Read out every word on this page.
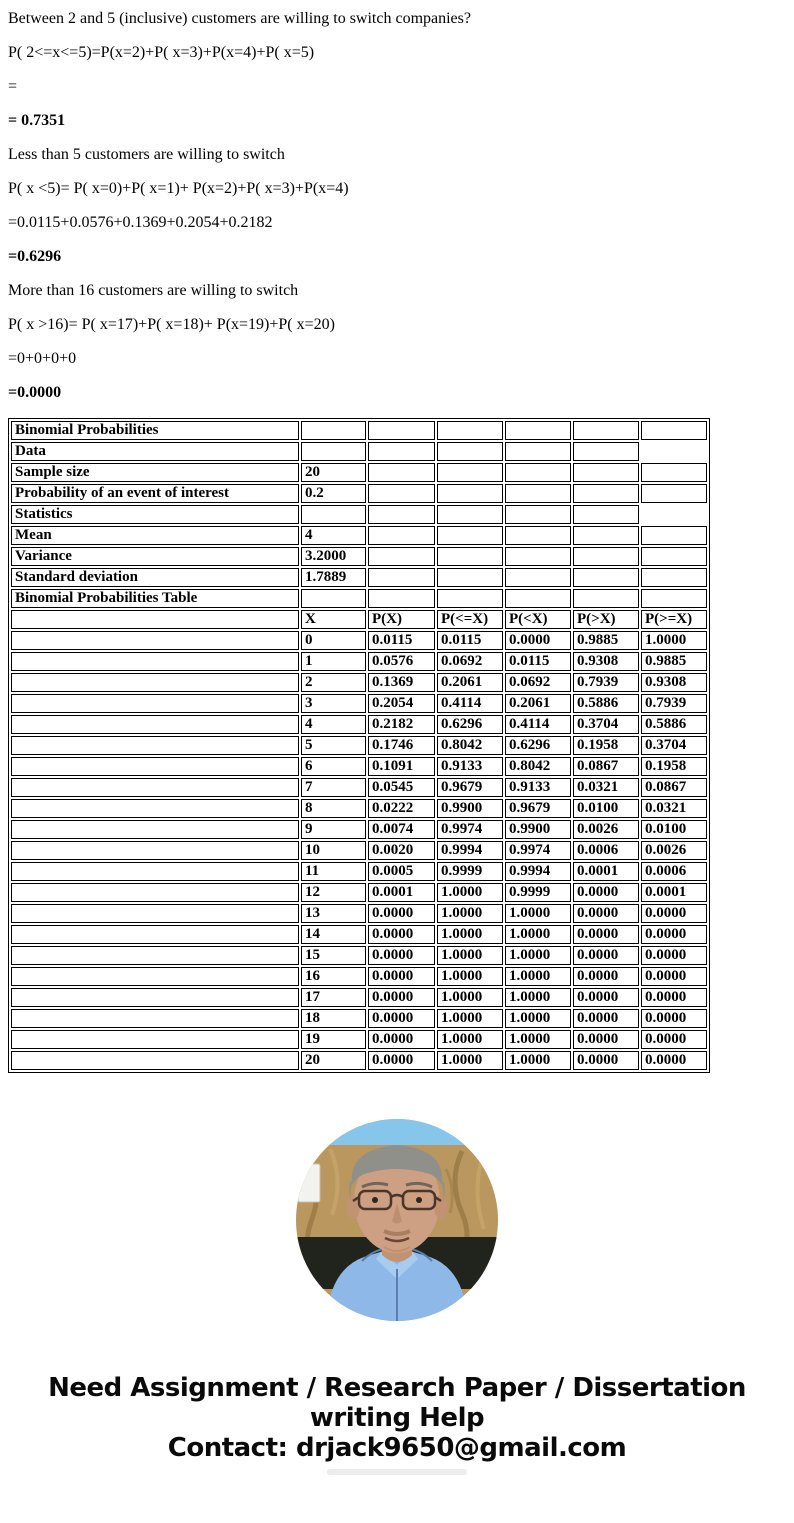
Between 2 and 5 (inclusive) customers are willing to switch companies?

P( 2<=x<=5)=P(x=2)+P( x=3)+P(x=4)+P( x=5)

=

= 0.7351

Less than 5 customers are willing to switch

P( x <5)= P( x=0)+P( x=1)+ P(x=2)+P( x=3)+P(x=4)

=0.0115+0.0576+0.1369+0.2054+0.2182

=0.6296

More than 16 customers are willing to switch

P( x >16)= P( x=17)+P( x=18)+ P(x=19)+P( x=20)

=0+0+0+0

=0.0000

Binomial Probabilities						
Data						
Sample size	20					
Probability of an event of interest	0.2					
Statistics						
Mean	4					
Variance	3.2000					
Standard deviation	1.7889					
Binomial Probabilities Table						
	X	P(X)	P(<=X)	P(<X)	P(>X)	P(>=X)
	0	0.0115	0.0115	0.0000	0.9885	1.0000
	1	0.0576	0.0692	0.0115	0.9308	0.9885
	2	0.1369	0.2061	0.0692	0.7939	0.9308
	3	0.2054	0.4114	0.2061	0.5886	0.7939
	4	0.2182	0.6296	0.4114	0.3704	0.5886
	5	0.1746	0.8042	0.6296	0.1958	0.3704
	6	0.1091	0.9133	0.8042	0.0867	0.1958
	7	0.0545	0.9679	0.9133	0.0321	0.0867
	8	0.0222	0.9900	0.9679	0.0100	0.0321
	9	0.0074	0.9974	0.9900	0.0026	0.0100
	10	0.0020	0.9994	0.9974	0.0006	0.0026
	11	0.0005	0.9999	0.9994	0.0001	0.0006
	12	0.0001	1.0000	0.9999	0.0000	0.0001
	13	0.0000	1.0000	1.0000	0.0000	0.0000
	14	0.0000	1.0000	1.0000	0.0000	0.0000
	15	0.0000	1.0000	1.0000	0.0000	0.0000
	16	0.0000	1.0000	1.0000	0.0000	0.0000
	17	0.0000	1.0000	1.0000	0.0000	0.0000
	18	0.0000	1.0000	1.0000	0.0000	0.0000
	19	0.0000	1.0000	1.0000	0.0000	0.0000
	20	0.0000	1.0000	1.0000	0.0000	0.0000
Need Assignment / Research Paper / Dissertation
writing Help
Contact: drjack9650@gmail.com
